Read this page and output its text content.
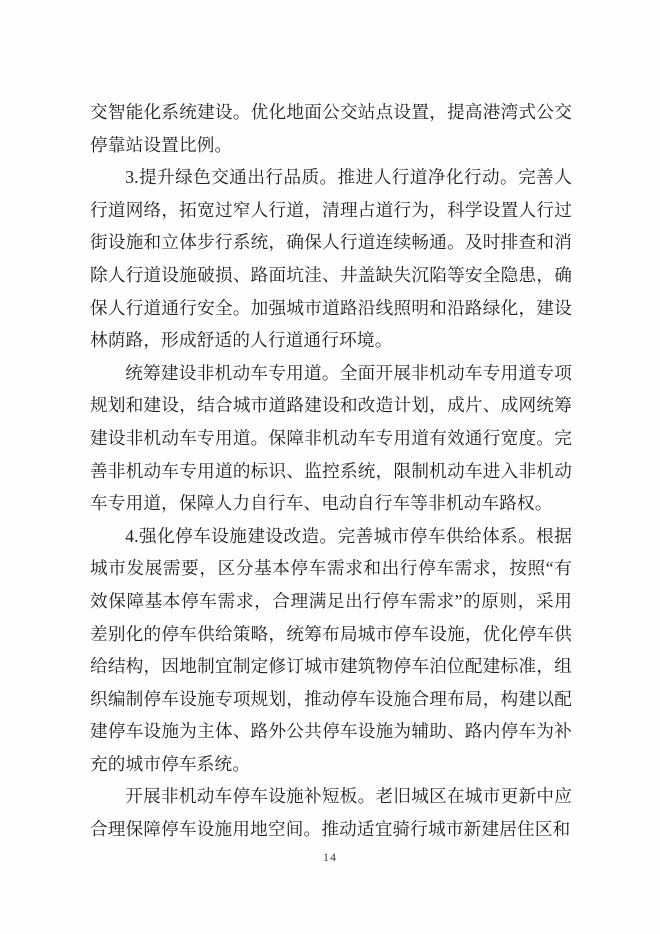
交智能化系统建设。优化地面公交站点设置，提高港湾式公交停靠站设置比例。

3.提升绿色交通出行品质。推进人行道净化行动。完善人行道网络，拓宽过窄人行道，清理占道行为，科学设置人行过街设施和立体步行系统，确保人行道连续畅通。及时排查和消除人行道设施破损、路面坑洼、井盖缺失沉陷等安全隐患，确保人行道通行安全。加强城市道路沿线照明和沿路绿化，建设林荫路，形成舒适的人行道通行环境。

统筹建设非机动车专用道。全面开展非机动车专用道专项规划和建设，结合城市道路建设和改造计划，成片、成网统筹建设非机动车专用道。保障非机动车专用道有效通行宽度。完善非机动车专用道的标识、监控系统，限制机动车进入非机动车专用道，保障人力自行车、电动自行车等非机动车路权。

4.强化停车设施建设改造。完善城市停车供给体系。根据城市发展需要，区分基本停车需求和出行停车需求，按照“有效保障基本停车需求，合理满足出行停车需求”的原则，采用差别化的停车供给策略，统筹布局城市停车设施，优化停车供给结构，因地制宜制定修订城市建筑物停车泊位配建标准，组织编制停车设施专项规划，推动停车设施合理布局，构建以配建停车设施为主体、路外公共停车设施为辅助、路内停车为补充的城市停车系统。

开展非机动车停车设施补短板。老旧城区在城市更新中应合理保障停车设施用地空间。推动适宜骑行城市新建居住区和

14
